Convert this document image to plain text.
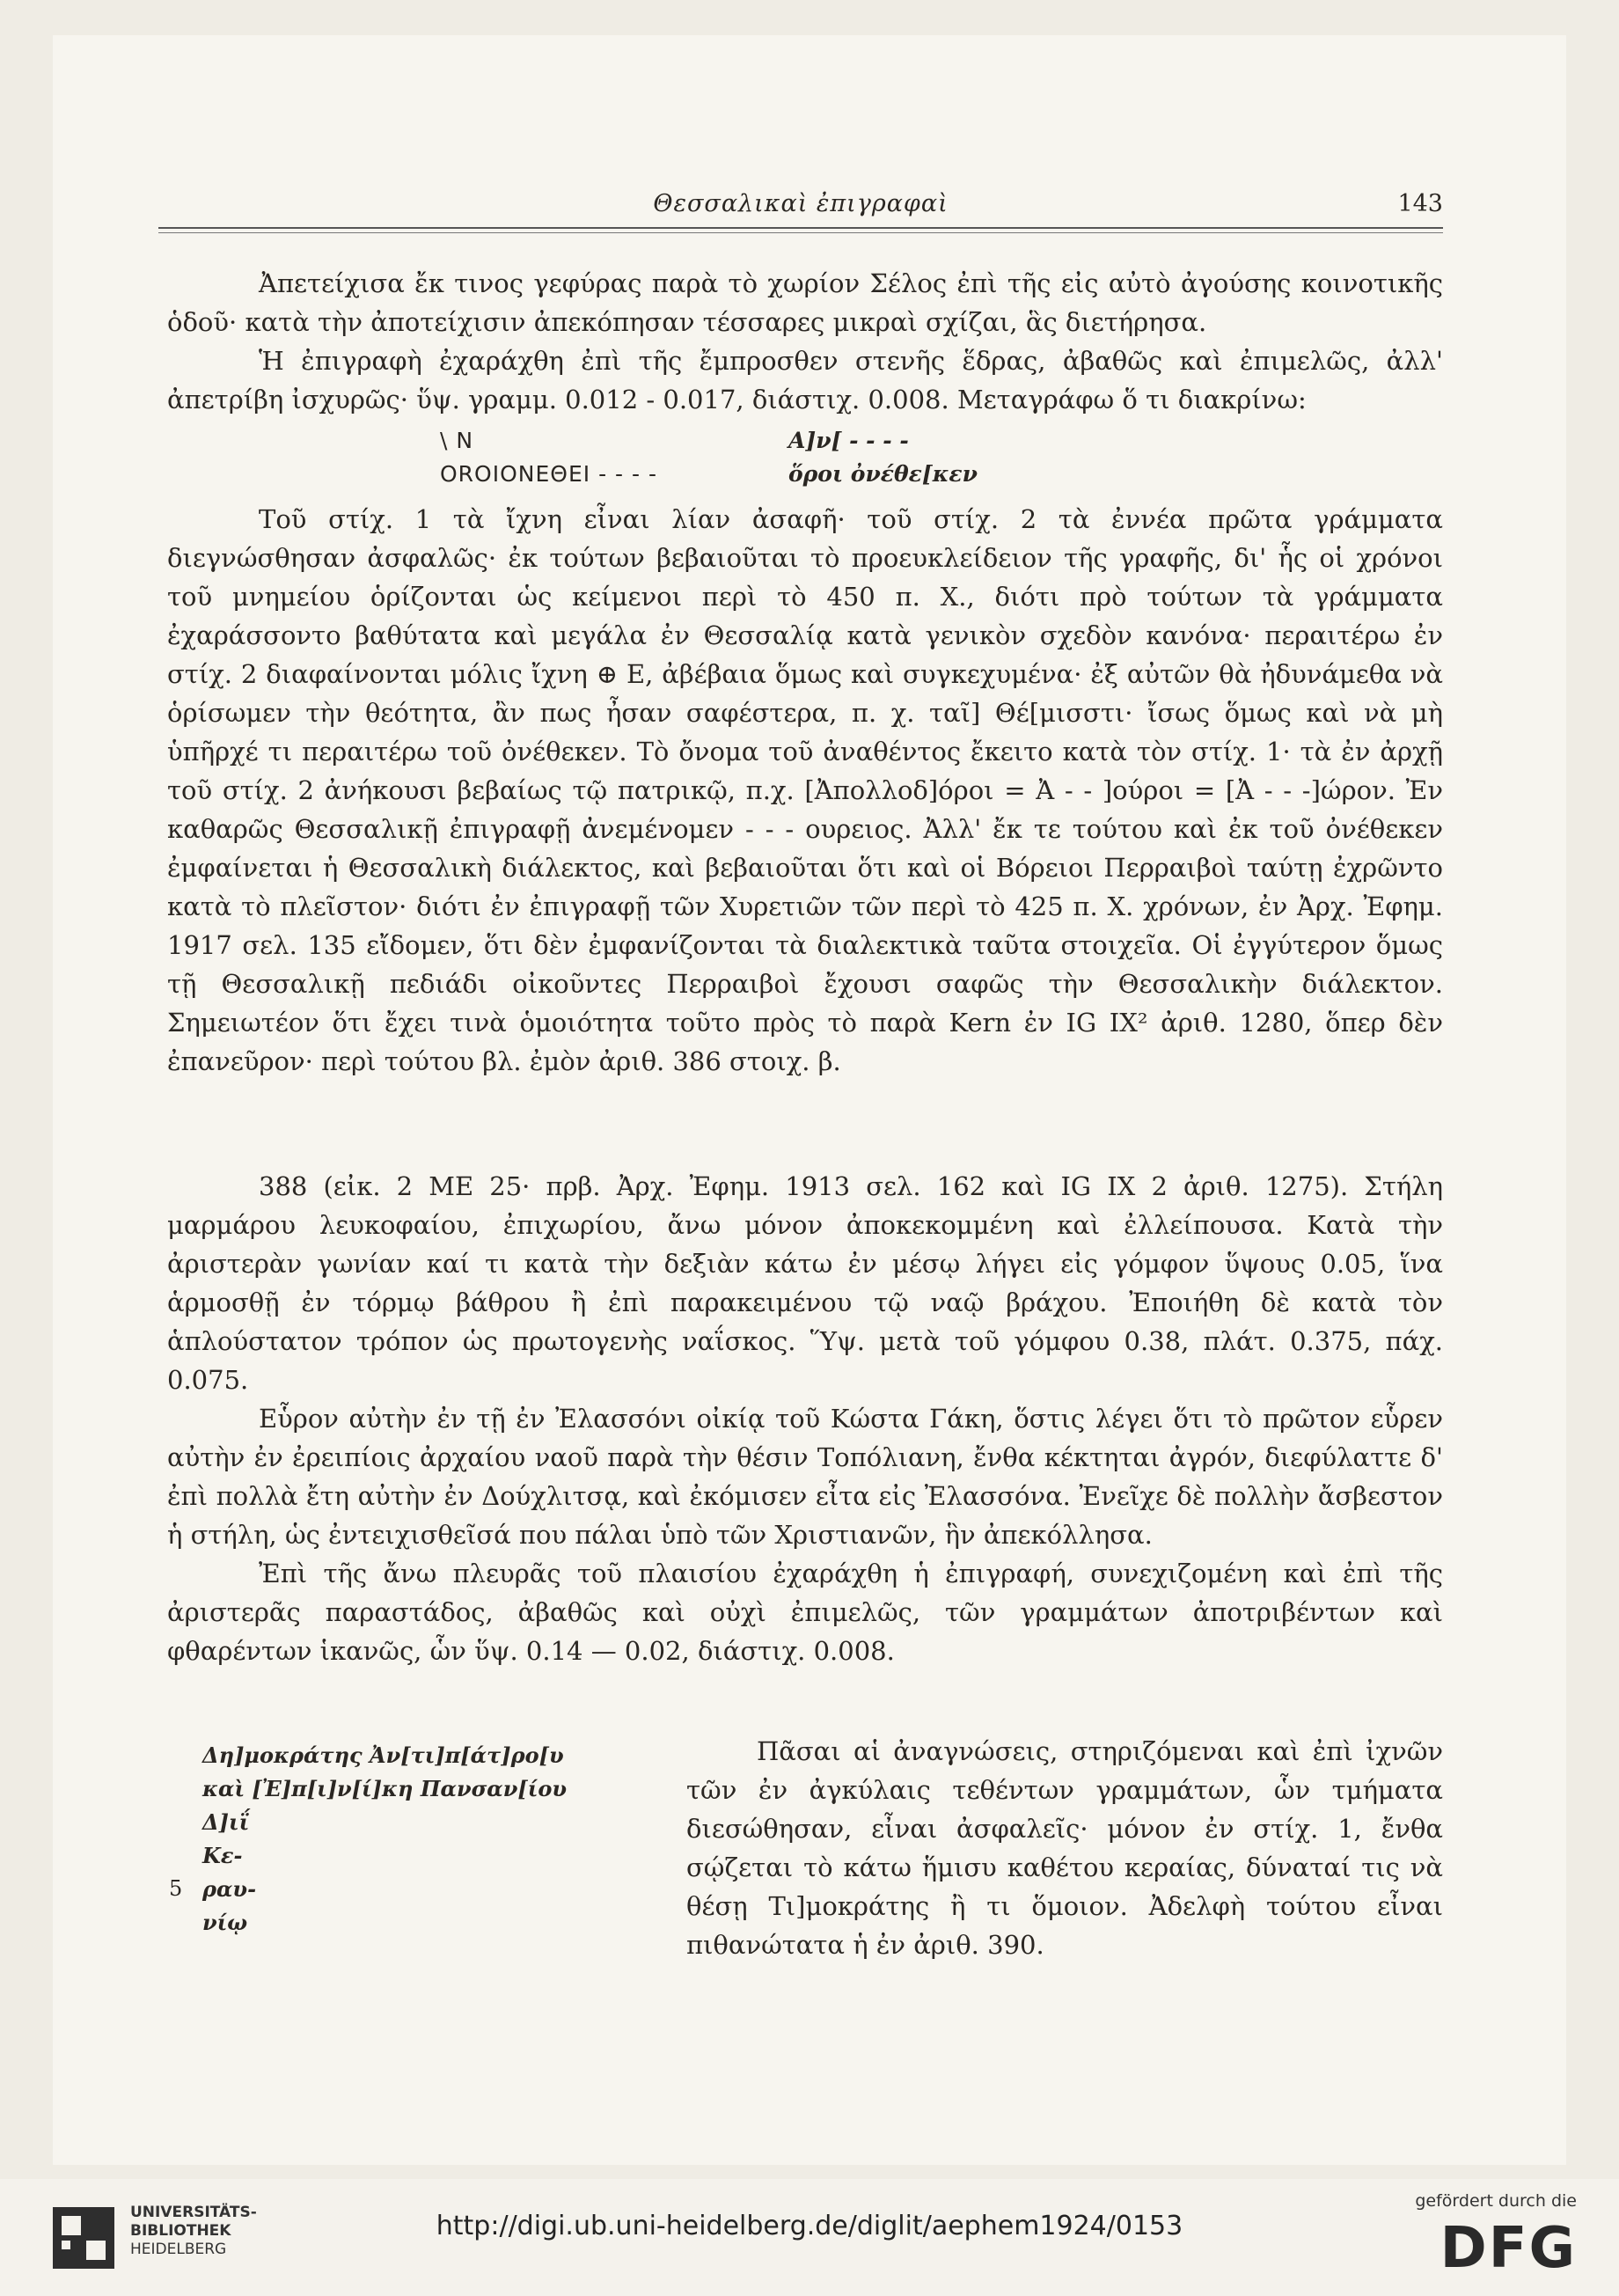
Θεσσαλικαὶ ἐπιγραφαὶ	143

Ἀπετείχισα ἔκ τινος γεφύρας παρὰ τὸ χωρίον Σέλος ἐπὶ τῆς εἰς αὐτὸ ἀγούσης κοινοτικῆς ὁδοῦ· κατὰ τὴν ἀποτείχισιν ἀπεκόπησαν τέσσαρες μικραὶ σχίζαι, ἃς διετήρησα.

Ἡ ἐπιγραφὴ ἐχαράχθη ἐπὶ τῆς ἔμπροσθεν στενῆς ἕδρας, ἀβαθῶς καὶ ἐπιμελῶς, ἀλλ' ἀπετρίβη ἰσχυρῶς· ὕψ. γραμμ. 0.012 - 0.017, διάστιχ. 0.008. Μεταγράφω ὅ τι διακρίνω:

\ N	Α]ν[ - - - -
ΟROIONEΘEI - - - -	ὅροι ὀνέθε[κεν

Τοῦ στίχ. 1 τὰ ἴχνη εἶναι λίαν ἀσαφῆ· τοῦ στίχ. 2 τὰ ἐννέα πρῶτα γράμματα διεγνώσθησαν ἀσφαλῶς· ἐκ τούτων βεβαιοῦται τὸ προευκλείδειον τῆς γραφῆς, δι' ἧς οἱ χρόνοι τοῦ μνημείου ὁρίζονται ὡς κείμενοι περὶ τὸ 450 π. Χ., διότι πρὸ τούτων τὰ γράμματα ἐχαράσσοντο βαθύτατα καὶ μεγάλα ἐν Θεσσαλίᾳ κατὰ γενικὸν σχεδὸν κανόνα· περαιτέρω ἐν στίχ. 2 διαφαίνονται μόλις ἴχνη ⊕ Ε, ἀβέβαια ὅμως καὶ συγκεχυμένα· ἐξ αὐτῶν θὰ ἠδυνάμεθα νὰ ὁρίσωμεν τὴν θεότητα, ἂν πως ἦσαν σαφέστερα, π. χ. ταῖ] Θέ[μισστι· ἴσως ὅμως καὶ νὰ μὴ ὑπῆρχέ τι περαιτέρω τοῦ ὀνέθεκεν. Τὸ ὄνομα τοῦ ἀναθέντος ἔκειτο κατὰ τὸν στίχ. 1· τὰ ἐν ἀρχῇ τοῦ στίχ. 2 ἀνήκουσι βεβαίως τῷ πατρικῷ, π.χ. [Ἀπολλοδ]όροι = Ἀ - - ]ούροι = [Ἀ - - -]ώρον. Ἐν καθαρῶς Θεσσαλικῇ ἐπιγραφῇ ἀνεμένομεν - - - ουρειος. Ἀλλ' ἔκ τε τούτου καὶ ἐκ τοῦ ὀνέθεκεν ἐμφαίνεται ἡ Θεσσαλικὴ διάλεκτος, καὶ βεβαιοῦται ὅτι καὶ οἱ Βόρειοι Περραιβοὶ ταύτῃ ἐχρῶντο κατὰ τὸ πλεῖστον· διότι ἐν ἐπιγραφῇ τῶν Χυρετιῶν τῶν περὶ τὸ 425 π. Χ. χρόνων, ἐν Ἀρχ. Ἐφημ. 1917 σελ. 135 εἴδομεν, ὅτι δὲν ἐμφανίζονται τὰ διαλεκτικὰ ταῦτα στοιχεῖα. Οἱ ἐγγύτερον ὅμως τῇ Θεσσαλικῇ πεδιάδι οἰκοῦντες Περραιβοὶ ἔχουσι σαφῶς τὴν Θεσσαλικὴν διάλεκτον. Σημειωτέον ὅτι ἔχει τινὰ ὁμοιότητα τοῦτο πρὸς τὸ παρὰ Kern ἐν IG IX² ἀριθ. 1280, ὅπερ δὲν ἐπανεῦρον· περὶ τούτου βλ. ἐμὸν ἀριθ. 386 στοιχ. β.

388 (εἰκ. 2 ΜΕ 25· πρβ. Ἀρχ. Ἐφημ. 1913 σελ. 162 καὶ IG IX 2 ἀριθ. 1275). Στήλη μαρμάρου λευκοφαίου, ἐπιχωρίου, ἄνω μόνον ἀποκεκομμένη καὶ ἐλλείπουσα. Κατὰ τὴν ἀριστερὰν γωνίαν καί τι κατὰ τὴν δεξιὰν κάτω ἐν μέσῳ λήγει εἰς γόμφον ὕψους 0.05, ἵνα ἁρμοσθῇ ἐν τόρμῳ βάθρου ἢ ἐπὶ παρακειμένου τῷ ναῷ βράχου. Ἐποιήθη δὲ κατὰ τὸν ἁπλούστατον τρόπον ὡς πρωτογενὴς ναΐσκος. Ὕψ. μετὰ τοῦ γόμφου 0.38, πλάτ. 0.375, πάχ. 0.075.

Εὗρον αὐτὴν ἐν τῇ ἐν Ἐλασσόνι οἰκίᾳ τοῦ Κώστα Γάκη, ὅστις λέγει ὅτι τὸ πρῶτον εὗρεν αὐτὴν ἐν ἐρειπίοις ἀρχαίου ναοῦ παρὰ τὴν θέσιν Τοπόλιανη, ἔνθα κέκτηται ἀγρόν, διεφύλαττε δ' ἐπὶ πολλὰ ἔτη αὐτὴν ἐν Δούχλιτσᾳ, καὶ ἐκόμισεν εἶτα εἰς Ἐλασσόνα. Ἐνεῖχε δὲ πολλὴν ἄσβεστον ἡ στήλη, ὡς ἐντειχισθεῖσά που πάλαι ὑπὸ τῶν Χριστιανῶν, ἣν ἀπεκόλλησα.

Ἐπὶ τῆς ἄνω πλευρᾶς τοῦ πλαισίου ἐχαράχθη ἡ ἐπιγραφή, συνεχιζομένη καὶ ἐπὶ τῆς ἀριστερᾶς παραστάδος, ἀβαθῶς καὶ οὐχὶ ἐπιμελῶς, τῶν γραμμάτων ἀποτριβέντων καὶ φθαρέντων ἱκανῶς, ὧν ὕψ. 0.14 — 0.02, διάστιχ. 0.008.

Δη]μοκράτης Ἀν[τι]π[άτ]ρο[υ
καὶ [Ἐ]π[ι]ν[ί]κη Πανσαν[ίου
Δ]ιΐ
Κε-
5 ραυ-
νίῳ

Πᾶσαι αἱ ἀναγνώσεις, στηριζόμεναι καὶ ἐπὶ ἰχνῶν τῶν ἐν ἀγκύλαις τεθέντων γραμμάτων, ὧν τμήματα διεσώθησαν, εἶναι ἀσφαλεῖς· μόνον ἐν στίχ. 1, ἔνθα σῴζεται τὸ κάτω ἥμισυ καθέτου κεραίας, δύναταί τις νὰ θέσῃ Τι]μοκράτης ἢ τι ὅμοιον. Ἀδελφὴ τούτου εἶναι πιθανώτατα ἡ ἐν ἀριθ. 390.

UNIVERSITÄTS-
BIBLIOTHEK
HEIDELBERG
http://digi.ub.uni-heidelberg.de/diglit/aephem1924/0153
gefördert durch die
DFG
